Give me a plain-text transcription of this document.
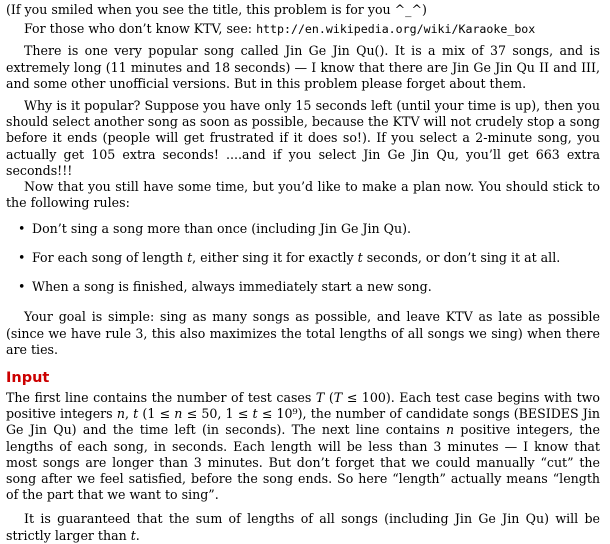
(If you smiled when you see the title, this problem is for you ^_^)

For those who don’t know KTV, see: http://en.wikipedia.org/wiki/Karaoke_box

There is one very popular song called Jin Ge Jin Qu(). It is a mix of 37 songs, and is extremely long (11 minutes and 18 seconds) — I know that there are Jin Ge Jin Qu II and III, and some other unofficial versions. But in this problem please forget about them.

Why is it popular? Suppose you have only 15 seconds left (until your time is up), then you should select another song as soon as possible, because the KTV will not crudely stop a song before it ends (people will get frustrated if it does so!). If you select a 2-minute song, you actually get 105 extra seconds! ....and if you select Jin Ge Jin Qu, you’ll get 663 extra seconds!!!

Now that you still have some time, but you’d like to make a plan now. You should stick to the following rules:

• Don’t sing a song more than once (including Jin Ge Jin Qu).
• For each song of length t, either sing it for exactly t seconds, or don’t sing it at all.
• When a song is finished, always immediately start a new song.

Your goal is simple: sing as many songs as possible, and leave KTV as late as possible (since we have rule 3, this also maximizes the total lengths of all songs we sing) when there are ties.

Input

The first line contains the number of test cases T (T ≤ 100). Each test case begins with two positive integers n, t (1 ≤ n ≤ 50, 1 ≤ t ≤ 10⁹), the number of candidate songs (BESIDES Jin Ge Jin Qu) and the time left (in seconds). The next line contains n positive integers, the lengths of each song, in seconds. Each length will be less than 3 minutes — I know that most songs are longer than 3 minutes. But don’t forget that we could manually “cut” the song after we feel satisfied, before the song ends. So here “length” actually means “length of the part that we want to sing”.

It is guaranteed that the sum of lengths of all songs (including Jin Ge Jin Qu) will be strictly larger than t.
